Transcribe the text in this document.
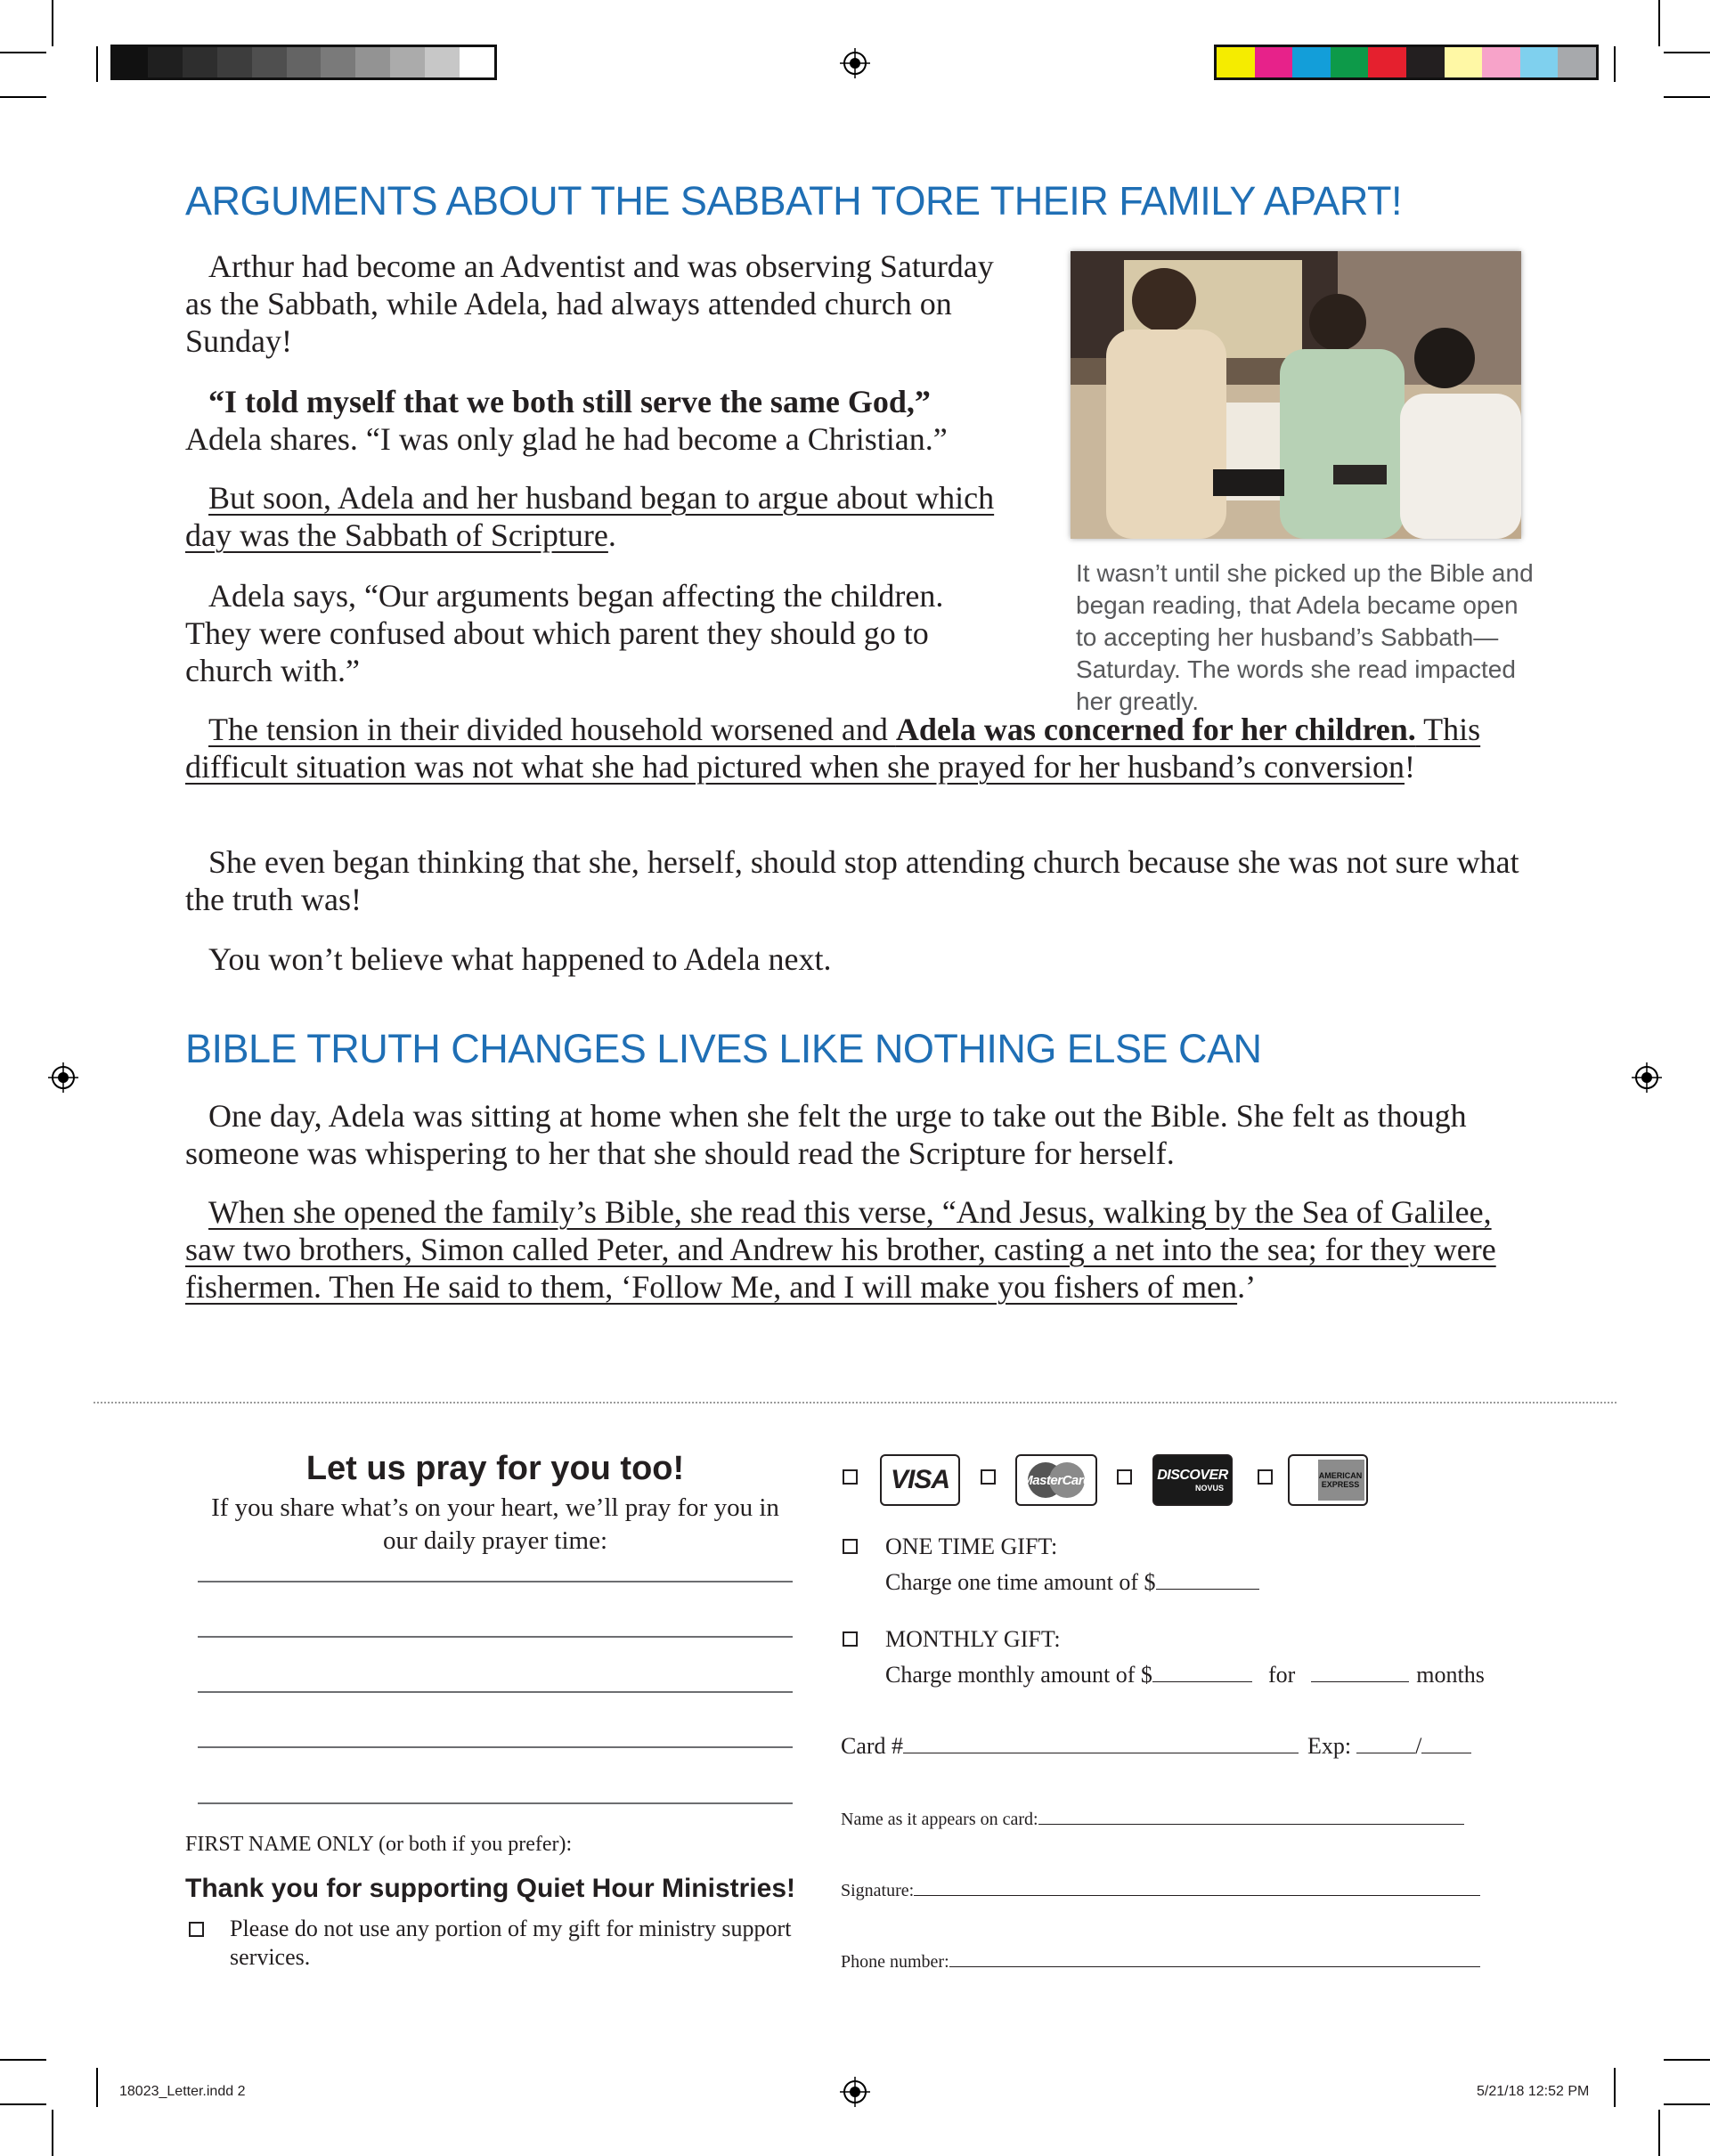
ARGUMENTS ABOUT THE SABBATH TORE THEIR FAMILY APART!

Arthur had become an Adventist and was observing Saturday as the Sabbath, while Adela, had always attended church on Sunday!

“I told myself that we both still serve the same God,” Adela shares. “I was only glad he had become a Christian.”

But soon, Adela and her husband began to argue about which day was the Sabbath of Scripture.

Adela says, “Our arguments began affecting the children. They were confused about which parent they should go to church with.”

It wasn’t until she picked up the Bible and began reading, that Adela became open to accepting her husband’s Sabbath—Saturday. The words she read impacted her greatly.

The tension in their divided household worsened and Adela was concerned for her children. This difficult situation was not what she had pictured when she prayed for her husband’s conversion!

She even began thinking that she, herself, should stop attending church because she was not sure what the truth was!

You won’t believe what happened to Adela next.

BIBLE TRUTH CHANGES LIVES LIKE NOTHING ELSE CAN

One day, Adela was sitting at home when she felt the urge to take out the Bible. She felt as though someone was whispering to her that she should read the Scripture for herself.

When she opened the family’s Bible, she read this verse, “And Jesus, walking by the Sea of Galilee, saw two brothers, Simon called Peter, and Andrew his brother, casting a net into the sea; for they were fishermen. Then He said to them, ‘Follow Me, and I will make you fishers of men.’

Let us pray for you too!
If you share what’s on your heart, we’ll pray for you in our daily prayer time:
FIRST NAME ONLY (or both if you prefer):
Thank you for supporting Quiet Hour Ministries!
Please do not use any portion of my gift for ministry support services.
VISA	MasterCard	DISCOVER
NOVUS
AMERICAN EXPRESS
ONE TIME GIFT:
Charge one time amount of $
MONTHLY GIFT:
Charge monthly amount of $	for	months
Card #	Exp:	/
Name as it appears on card:
Signature:
Phone number:
18023_Letter.indd 2	5/21/18 12:52 PM
